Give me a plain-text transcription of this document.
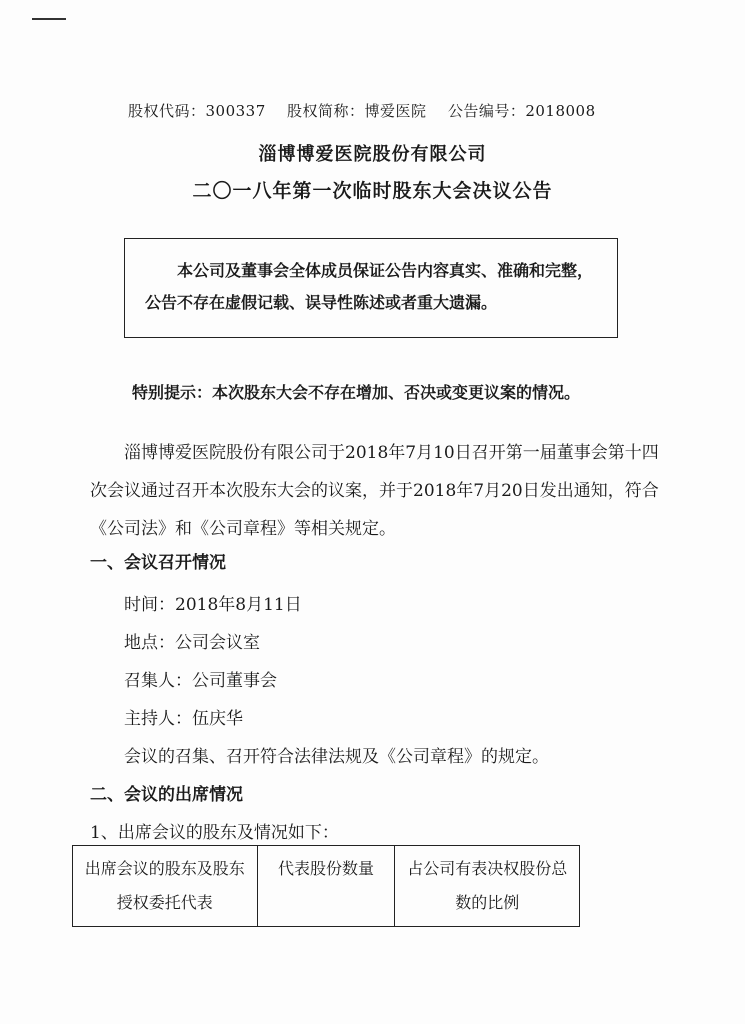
股权代码：300337 股权简称：博爱医院 公告编号：2018008
淄博博爱医院股份有限公司
二〇一八年第一次临时股东大会决议公告
本公司及董事会全体成员保证公告内容真实、准确和完整，公告不存在虚假记载、误导性陈述或者重大遗漏。
特别提示：本次股东大会不存在增加、否决或变更议案的情况。
淄博博爱医院股份有限公司于2018年7月10日召开第一届董事会第十四次会议通过召开本次股东大会的议案，并于2018年7月20日发出通知，符合《公司法》和《公司章程》等相关规定。
一、会议召开情况
时间：2018年8月11日
地点：公司会议室
召集人：公司董事会
主持人：伍庆华
会议的召集、召开符合法律法规及《公司章程》的规定。
二、会议的出席情况
1、出席会议的股东及情况如下：
出席会议的股东及股东授权委托代表	代表股份数量	占公司有表决权股份总数的比例
